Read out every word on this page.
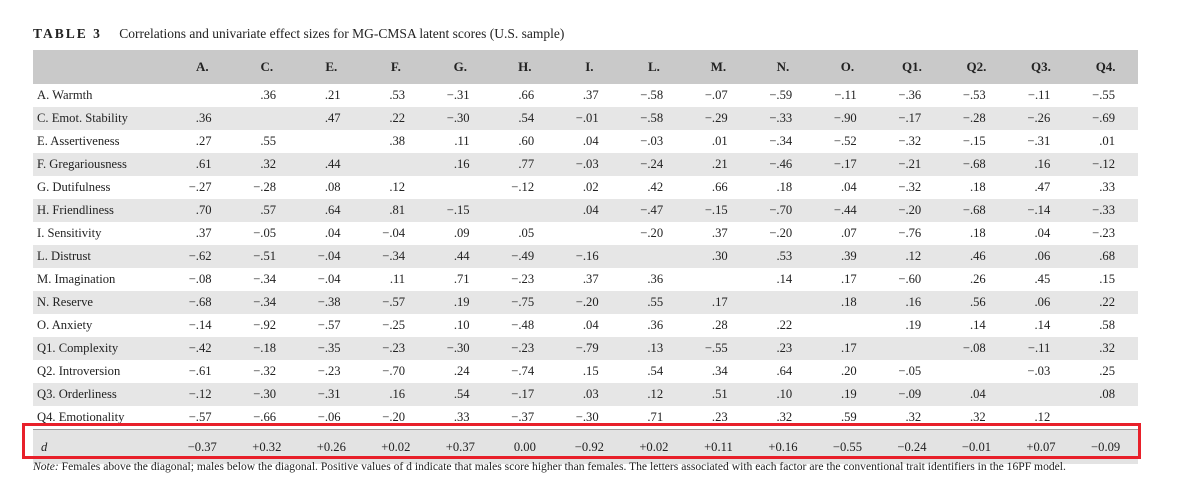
TABLE 3 Correlations and univariate effect sizes for MG-CMSA latent scores (U.S. sample)
	A.	C.	E.	F.	G.	H.	I.	L.	M.	N.	O.	Q1.	Q2.	Q3.	Q4.
A. Warmth		.36	.21	.53	−.31	.66	.37	−.58	−.07	−.59	−.11	−.36	−.53	−.11	−.55
C. Emot. Stability	.36		.47	.22	−.30	.54	−.01	−.58	−.29	−.33	−.90	−.17	−.28	−.26	−.69
E. Assertiveness	.27	.55		.38	.11	.60	.04	−.03	.01	−.34	−.52	−.32	−.15	−.31	.01
F. Gregariousness	.61	.32	.44		.16	.77	−.03	−.24	.21	−.46	−.17	−.21	−.68	.16	−.12
G. Dutifulness	−.27	−.28	.08	.12		−.12	.02	.42	.66	.18	.04	−.32	.18	.47	.33
H. Friendliness	.70	.57	.64	.81	−.15		.04	−.47	−.15	−.70	−.44	−.20	−.68	−.14	−.33
I. Sensitivity	.37	−.05	.04	−.04	.09	.05		−.20	.37	−.20	.07	−.76	.18	.04	−.23
L. Distrust	−.62	−.51	−.04	−.34	.44	−.49	−.16		.30	.53	.39	.12	.46	.06	.68
M. Imagination	−.08	−.34	−.04	.11	.71	−.23	.37	.36		.14	.17	−.60	.26	.45	.15
N. Reserve	−.68	−.34	−.38	−.57	.19	−.75	−.20	.55	.17		.18	.16	.56	.06	.22
O. Anxiety	−.14	−.92	−.57	−.25	.10	−.48	.04	.36	.28	.22		.19	.14	.14	.58
Q1. Complexity	−.42	−.18	−.35	−.23	−.30	−.23	−.79	.13	−.55	.23	.17		−.08	−.11	.32
Q2. Introversion	−.61	−.32	−.23	−.70	.24	−.74	.15	.54	.34	.64	.20	−.05		−.03	.25
Q3. Orderliness	−.12	−.30	−.31	.16	.54	−.17	.03	.12	.51	.10	.19	−.09	.04		.08
Q4. Emotionality	−.57	−.66	−.06	−.20	.33	−.37	−.30	.71	.23	.32	.59	.32	.32	.12	
d	−0.37	+0.32	+0.26	+0.02	+0.37	0.00	−0.92	+0.02	+0.11	+0.16	−0.55	−0.24	−0.01	+0.07	−0.09
Note: Females above the diagonal; males below the diagonal. Positive values of d indicate that males score higher than females. The letters associated with each factor are the conventional trait identifiers in the 16PF model.
